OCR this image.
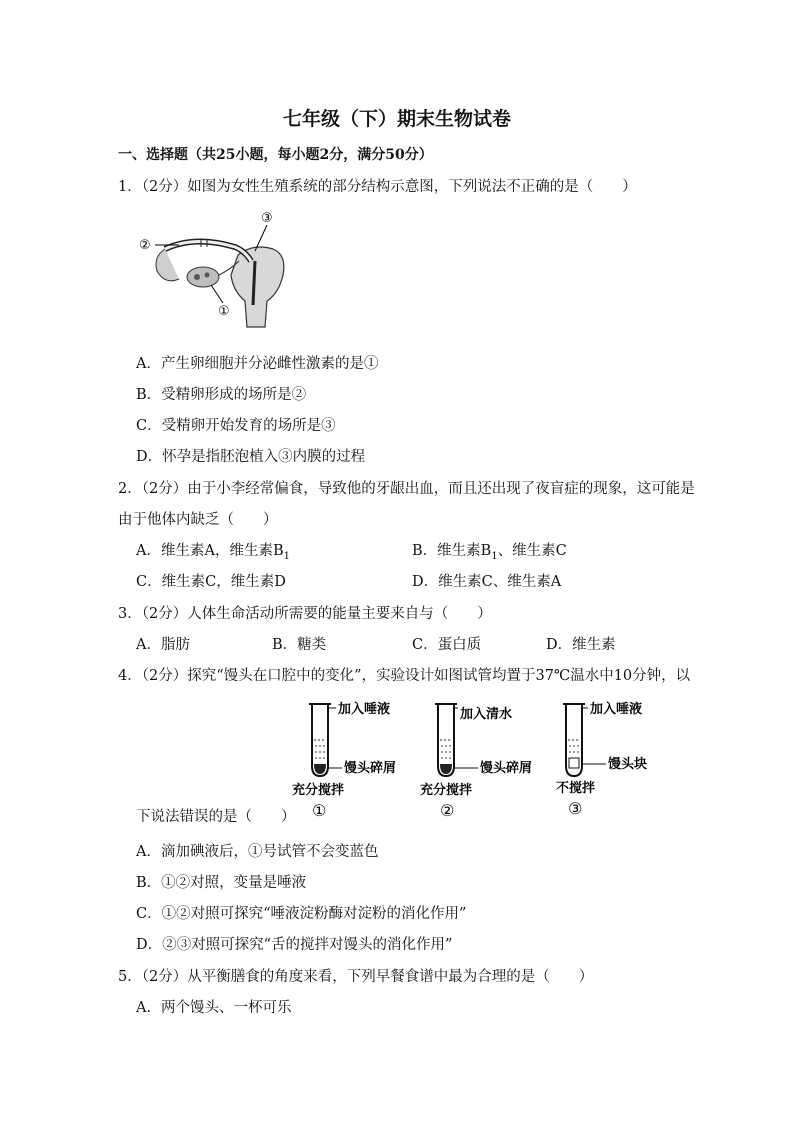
七年级（下）期末生物试卷
一、选择题（共25小题，每小题2分，满分50分）
1．（2分）如图为女性生殖系统的部分结构示意图，下列说法不正确的是（　　）
②
③
①
A．产生卵细胞并分泌雌性激素的是①
B．受精卵形成的场所是②
C．受精卵开始发育的场所是③
D．怀孕是指胚泡植入③内膜的过程
2．（2分）由于小李经常偏食，导致他的牙龈出血，而且还出现了夜盲症的现象，这可能是
由于他体内缺乏（　　）
A．维生素A，维生素$B_1$	B．维生素$B_1$、维生素C
C．维生素C，维生素D	D．维生素C、维生素A
3．（2分）人体生命活动所需要的能量主要来自与（　　）
A．脂肪	B．糖类	C．蛋白质	D．维生素
4．（2分）探究“馒头在口腔中的变化”，实验设计如图试管均置于37℃温水中10分钟，以
加入唾液
馒头碎屑
充分搅拌
①
加入清水
馒头碎屑
充分搅拌
②
加入唾液
馒头块
不搅拌
③
下说法错误的是（　　）
A．滴加碘液后，①号试管不会变蓝色
B．①②对照，变量是唾液
C．①②对照可探究“唾液淀粉酶对淀粉的消化作用”
D．②③对照可探究“舌的搅拌对馒头的消化作用”
5．（2分）从平衡膳食的角度来看，下列早餐食谱中最为合理的是（　　）
A．两个馒头、一杯可乐
